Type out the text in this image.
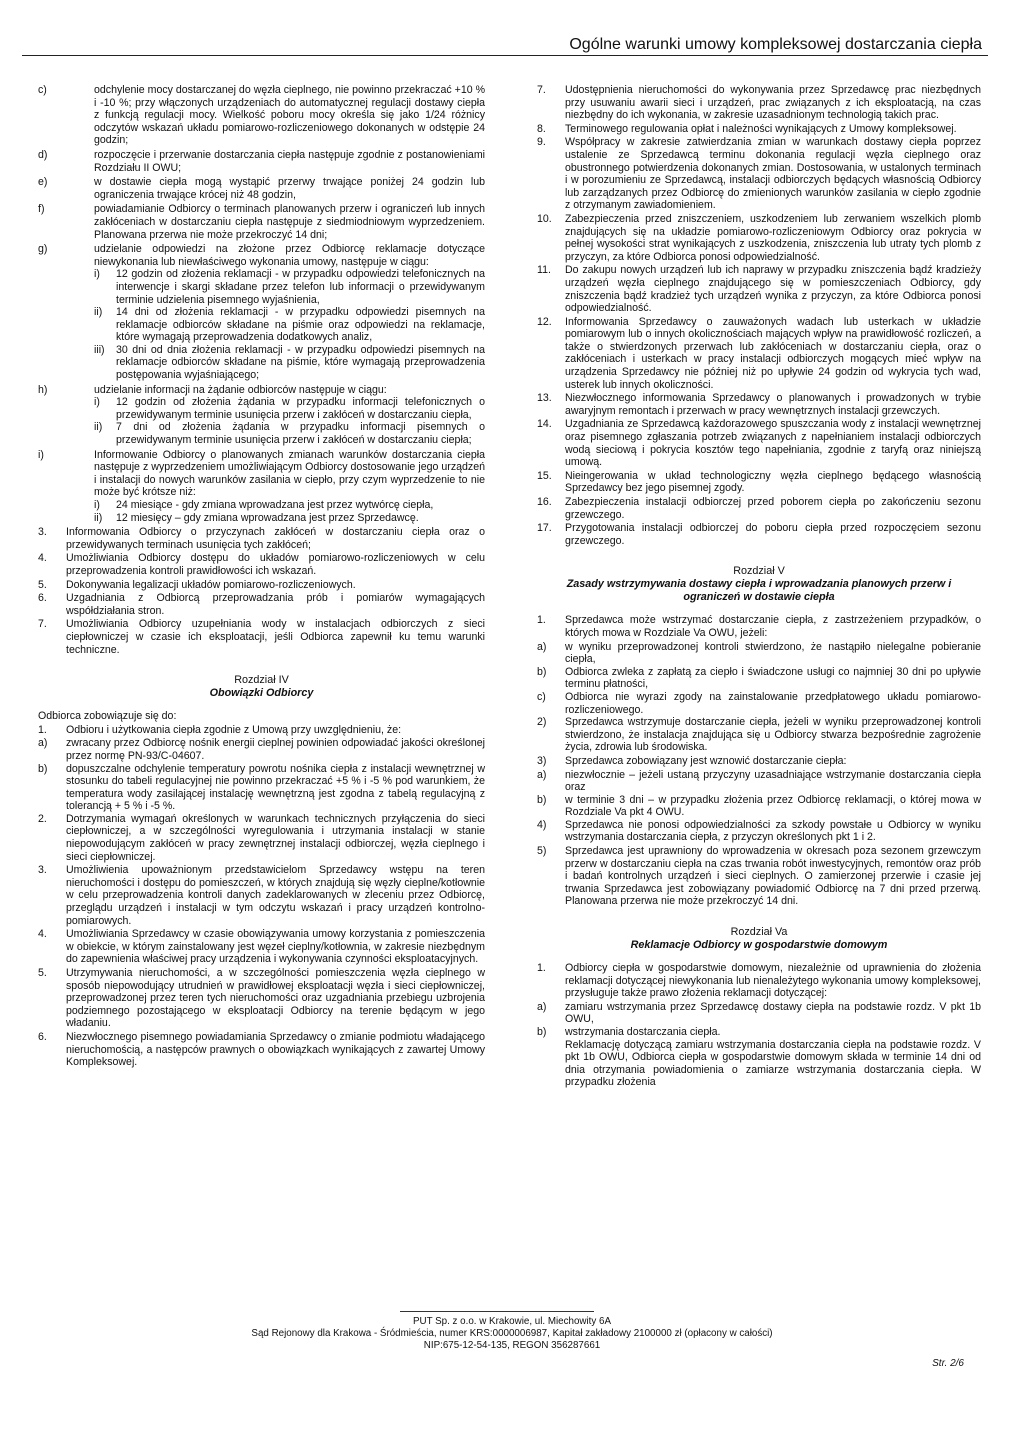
Ogólne warunki umowy kompleksowej dostarczania ciepła
c)	odchylenie mocy dostarczanej do węzła cieplnego, nie powinno przekraczać +10 % i -10 %; przy włączonych urządzeniach do automatycznej regulacji dostawy ciepła z funkcją regulacji mocy. Wielkość poboru mocy określa się jako 1/24 różnicy odczytów wskazań układu pomiarowo-rozliczeniowego dokonanych w odstępie 24 godzin;
d)	rozpoczęcie i przerwanie dostarczania ciepła następuje zgodnie z postanowieniami Rozdziału II OWU;
e)	w dostawie ciepła mogą wystąpić przerwy trwające poniżej 24 godzin lub ograniczenia trwające krócej niż 48 godzin,
f)	powiadamianie Odbiorcy o terminach planowanych przerw i ograniczeń lub innych zakłóceniach w dostarczaniu ciepła następuje z siedmiodniowym wyprzedzeniem. Planowana przerwa nie może przekroczyć 14 dni;
g)	udzielanie odpowiedzi na złożone przez Odbiorcę reklamacje dotyczące niewykonania lub niewłaściwego wykonania umowy, następuje w ciągu:
i) 12 godzin od złożenia reklamacji - w przypadku odpowiedzi telefonicznych na interwencje i skargi składane przez telefon lub informacji o przewidywanym terminie udzielenia pisemnego wyjaśnienia,
ii) 14 dni od złożenia reklamacji - w przypadku odpowiedzi pisemnych na reklamacje odbiorców składane na piśmie oraz odpowiedzi na reklamacje, które wymagają przeprowadzenia dodatkowych analiz,
iii) 30 dni od dnia złożenia reklamacji - w przypadku odpowiedzi pisemnych na reklamacje odbiorców składane na piśmie, które wymagają przeprowadzenia postępowania wyjaśniającego;
h)	udzielanie informacji na żądanie odbiorców następuje w ciągu:
i) 12 godzin od złożenia żądania w przypadku informacji telefonicznych o przewidywanym terminie usunięcia przerw i zakłóceń w dostarczaniu ciepła,
ii) 7 dni od złożenia żądania w przypadku informacji pisemnych o przewidywanym terminie usunięcia przerw i zakłóceń w dostarczaniu ciepła;
i)	Informowanie Odbiorcy o planowanych zmianach warunków dostarczania ciepła następuje z wyprzedzeniem umożliwiającym Odbiorcy dostosowanie jego urządzeń i instalacji do nowych warunków zasilania w ciepło, przy czym wyprzedzenie to nie może być krótsze niż:
i) 24 miesiące - gdy zmiana wprowadzana jest przez wytwórcę ciepła,
ii) 12 miesięcy – gdy zmiana wprowadzana jest przez Sprzedawcę.
3. Informowania Odbiorcy o przyczynach zakłóceń w dostarczaniu ciepła oraz o przewidywanych terminach usunięcia tych zakłóceń;
4. Umożliwiania Odbiorcy dostępu do układów pomiarowo-rozliczeniowych w celu przeprowadzenia kontroli prawidłowości ich wskazań.
5. Dokonywania legalizacji układów pomiarowo-rozliczeniowych.
6. Uzgadniania z Odbiorcą przeprowadzania prób i pomiarów wymagających współdziałania stron.
7. Umożliwiania Odbiorcy uzupełniania wody w instalacjach odbiorczych z sieci ciepłowniczej w czasie ich eksploatacji, jeśli Odbiorca zapewnił ku temu warunki techniczne.
Rozdział IV
Obowiązki Odbiorcy
Odbiorca zobowiązuje się do:
1. Odbioru i użytkowania ciepła zgodnie z Umową przy uwzględnieniu, że:
a) zwracany przez Odbiorcę nośnik energii cieplnej powinien odpowiadać jakości określonej przez normę PN-93/C-04607.
b) dopuszczalne odchylenie temperatury powrotu nośnika ciepła z instalacji wewnętrznej w stosunku do tabeli regulacyjnej nie powinno przekraczać +5 % i -5 % pod warunkiem, że temperatura wody zasilającej instalację wewnętrzną jest zgodna z tabelą regulacyjną z tolerancją + 5 % i -5 %.
2. Dotrzymania wymagań określonych w warunkach technicznych przyłączenia do sieci ciepłowniczej, a w szczególności wyregulowania i utrzymania instalacji w stanie niepowodującym zakłóceń w pracy zewnętrznej instalacji odbiorczej, węzła cieplnego i sieci ciepłowniczej.
3. Umożliwienia upoważnionym przedstawicielom Sprzedawcy wstępu na teren nieruchomości i dostępu do pomieszczeń, w których znajdują się węzły cieplne/kotłownie w celu przeprowadzenia kontroli danych zadeklarowanych w zleceniu przez Odbiorcę, przeglądu urządzeń i instalacji w tym odczytu wskazań i pracy urządzeń kontrolno-pomiarowych.
4. Umożliwiania Sprzedawcy w czasie obowiązywania umowy korzystania z pomieszczenia w obiekcie, w którym zainstalowany jest węzeł cieplny/kotłownia, w zakresie niezbędnym do zapewnienia właściwej pracy urządzenia i wykonywania czynności eksploatacyjnych.
5. Utrzymywania nieruchomości, a w szczególności pomieszczenia węzła cieplnego w sposób niepowodujący utrudnień w prawidłowej eksploatacji węzła i sieci ciepłowniczej, przeprowadzonej przez teren tych nieruchomości oraz uzgadniania przebiegu uzbrojenia podziemnego pozostającego w eksploatacji Odbiorcy na terenie będącym w jego władaniu.
6. Niezwłocznego pisemnego powiadamiania Sprzedawcy o zmianie podmiotu władającego nieruchomością, a następców prawnych o obowiązkach wynikających z zawartej Umowy Kompleksowej.
7. Udostępnienia nieruchomości do wykonywania przez Sprzedawcę prac niezbędnych przy usuwaniu awarii sieci i urządzeń, prac związanych z ich eksploatacją, na czas niezbędny do ich wykonania, w zakresie uzasadnionym technologią takich prac.
8. Terminowego regulowania opłat i należności wynikających z Umowy kompleksowej.
9. Współpracy w zakresie zatwierdzania zmian w warunkach dostawy ciepła poprzez ustalenie ze Sprzedawcą terminu dokonania regulacji węzła cieplnego oraz obustronnego potwierdzenia dokonanych zmian. Dostosowania, w ustalonych terminach i w porozumieniu ze Sprzedawcą, instalacji odbiorczych będących własnością Odbiorcy lub zarządzanych przez Odbiorcę do zmienionych warunków zasilania w ciepło zgodnie z otrzymanym zawiadomieniem.
10. Zabezpieczenia przed zniszczeniem, uszkodzeniem lub zerwaniem wszelkich plomb znajdujących się na układzie pomiarowo-rozliczeniowym Odbiorcy oraz pokrycia w pełnej wysokości strat wynikających z uszkodzenia, zniszczenia lub utraty tych plomb z przyczyn, za które Odbiorca ponosi odpowiedzialność.
11. Do zakupu nowych urządzeń lub ich naprawy w przypadku zniszczenia bądź kradzieży urządzeń węzła cieplnego znajdującego się w pomieszczeniach Odbiorcy, gdy zniszczenia bądź kradzież tych urządzeń wynika z przyczyn, za które Odbiorca ponosi odpowiedzialność.
12. Informowania Sprzedawcy o zauważonych wadach lub usterkach w układzie pomiarowym lub o innych okolicznościach mających wpływ na prawidłowość rozliczeń, a także o stwierdzonych przerwach lub zakłóceniach w dostarczaniu ciepła, oraz o zakłóceniach i usterkach w pracy instalacji odbiorczych mogących mieć wpływ na urządzenia Sprzedawcy nie później niż po upływie 24 godzin od wykrycia tych wad, usterek lub innych okoliczności.
13. Niezwłocznego informowania Sprzedawcy o planowanych i prowadzonych w trybie awaryjnym remontach i przerwach w pracy wewnętrznych instalacji grzewczych.
14. Uzgadniania ze Sprzedawcą każdorazowego spuszczania wody z instalacji wewnętrznej oraz pisemnego zgłaszania potrzeb związanych z napełnianiem instalacji odbiorczych wodą sieciową i pokrycia kosztów tego napełniania, zgodnie z taryfą oraz niniejszą umową.
15. Nieingerowania w układ technologiczny węzła cieplnego będącego własnością Sprzedawcy bez jego pisemnej zgody.
16. Zabezpieczenia instalacji odbiorczej przed poborem ciepła po zakończeniu sezonu grzewczego.
17. Przygotowania instalacji odbiorczej do poboru ciepła przed rozpoczęciem sezonu grzewczego.
Rozdział V
Zasady wstrzymywania dostawy ciepła i wprowadzania planowych przerw i ograniczeń w dostawie ciepła
1. Sprzedawca może wstrzymać dostarczanie ciepła, z zastrzeżeniem przypadków, o których mowa w Rozdziale Va OWU, jeżeli:
a) w wyniku przeprowadzonej kontroli stwierdzono, że nastąpiło nielegalne pobieranie ciepła,
b) Odbiorca zwleka z zapłatą za ciepło i świadczone usługi co najmniej 30 dni po upływie terminu płatności,
c) Odbiorca nie wyrazi zgody na zainstalowanie przedpłatowego układu pomiarowo-rozliczeniowego.
2) Sprzedawca wstrzymuje dostarczanie ciepła, jeżeli w wyniku przeprowadzonej kontroli stwierdzono, że instalacja znajdująca się u Odbiorcy stwarza bezpośrednie zagrożenie życia, zdrowia lub środowiska.
3) Sprzedawca zobowiązany jest wznowić dostarczanie ciepła:
a) niezwłocznie – jeżeli ustaną przyczyny uzasadniające wstrzymanie dostarczania ciepła oraz
b) w terminie 3 dni – w przypadku złożenia przez Odbiorcę reklamacji, o której mowa w Rozdziale Va pkt 4 OWU.
4) Sprzedawca nie ponosi odpowiedzialności za szkody powstałe u Odbiorcy w wyniku wstrzymania dostarczania ciepła, z przyczyn określonych pkt 1 i 2.
5) Sprzedawca jest uprawniony do wprowadzenia w okresach poza sezonem grzewczym przerw w dostarczaniu ciepła na czas trwania robót inwestycyjnych, remontów oraz prób i badań kontrolnych urządzeń i sieci cieplnych. O zamierzonej przerwie i czasie jej trwania Sprzedawca jest zobowiązany powiadomić Odbiorcę na 7 dni przed przerwą. Planowana przerwa nie może przekroczyć 14 dni.
Rozdział Va
Reklamacje Odbiorcy w gospodarstwie domowym
1. Odbiorcy ciepła w gospodarstwie domowym, niezależnie od uprawnienia do złożenia reklamacji dotyczącej niewykonania lub nienależytego wykonania umowy kompleksowej, przysługuje także prawo złożenia reklamacji dotyczącej:
a) zamiaru wstrzymania przez Sprzedawcę dostawy ciepła na podstawie rozdz. V pkt 1b OWU,
b) wstrzymania dostarczania ciepła.
Reklamację dotyczącą zamiaru wstrzymania dostarczania ciepła na podstawie rozdz. V pkt 1b OWU, Odbiorca ciepła w gospodarstwie domowym składa w terminie 14 dni od dnia otrzymania powiadomienia o zamiarze wstrzymania dostarczania ciepła. W przypadku złożenia
PUT Sp. z o.o. w Krakowie, ul. Miechowity 6A
Sąd Rejonowy dla Krakowa - Śródmieścia, numer KRS:0000006987, Kapitał zakładowy 2100000 zł (opłacony w całości)
NIP:675-12-54-135, REGON 356287661
Str. 2/6
